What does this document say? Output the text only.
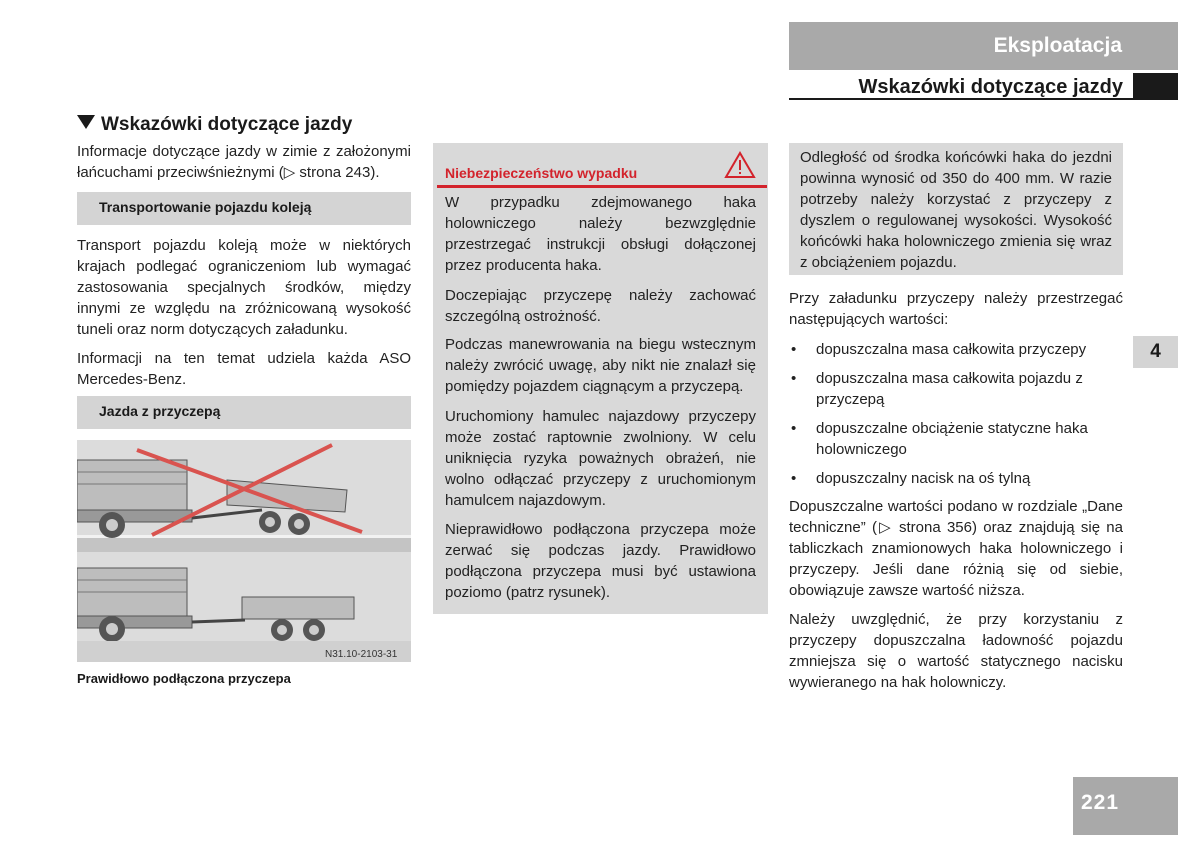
Eksploatacja
Wskazówki dotyczące jazdy
Wskazówki dotyczące jazdy

Informacje dotyczące jazdy w zimie z założonymi łańcuchami przeciwśnieżnymi (▷ strona 243).

Transportowanie pojazdu koleją

Transport pojazdu koleją może w niektórych krajach podlegać ograniczeniom lub wymagać zastosowania specjalnych środków, między innymi ze względu na zróżnicowaną wysokość tuneli oraz norm dotyczących załadunku.

Informacji na ten temat udziela każda ASO Mercedes-Benz.

Jazda z przyczepą
N31.10-2103-31
Prawidłowo podłączona przyczepa
Niebezpieczeństwo wypadku

W przypadku zdejmowanego haka holowniczego należy bezwzględnie przestrzegać instrukcji obsługi dołączonej przez producenta haka.

Doczepiając przyczepę należy zachować szczególną ostrożność.

Podczas manewrowania na biegu wstecznym należy zwrócić uwagę, aby nikt nie znalazł się pomiędzy pojazdem ciągnącym a przyczepą.

Uruchomiony hamulec najazdowy przyczepy może zostać raptownie zwolniony. W celu uniknięcia ryzyka poważnych obrażeń, nie wolno odłączać przyczepy z uruchomionym hamulcem najazdowym.

Nieprawidłowo podłączona przyczepa może zerwać się podczas jazdy. Prawidłowo podłączona przyczepa musi być ustawiona poziomo (patrz rysunek).

Odległość od środka końcówki haka do jezdni powinna wynosić od 350 do 400 mm. W razie potrzeby należy korzystać z przyczepy z dyszlem o regulowanej wysokości. Wysokość końcówki haka holowniczego zmienia się wraz z obciążeniem pojazdu.

Przy załadunku przyczepy należy przestrzegać następujących wartości:

• dopuszczalna masa całkowita przyczepy
• dopuszczalna masa całkowita pojazdu z przyczepą
• dopuszczalne obciążenie statyczne haka holowniczego
• dopuszczalny nacisk na oś tylną

Dopuszczalne wartości podano w rozdziale „Dane techniczne” (▷ strona 356) oraz znajdują się na tabliczkach znamionowych haka holowniczego i przyczepy. Jeśli dane różnią się od siebie, obowiązuje zawsze wartość niższa.

Należy uwzględnić, że przy korzystaniu z przyczepy dopuszczalna ładowność pojazdu zmniejsza się o wartość statycznego nacisku wywieranego na hak holowniczy.

4
221
